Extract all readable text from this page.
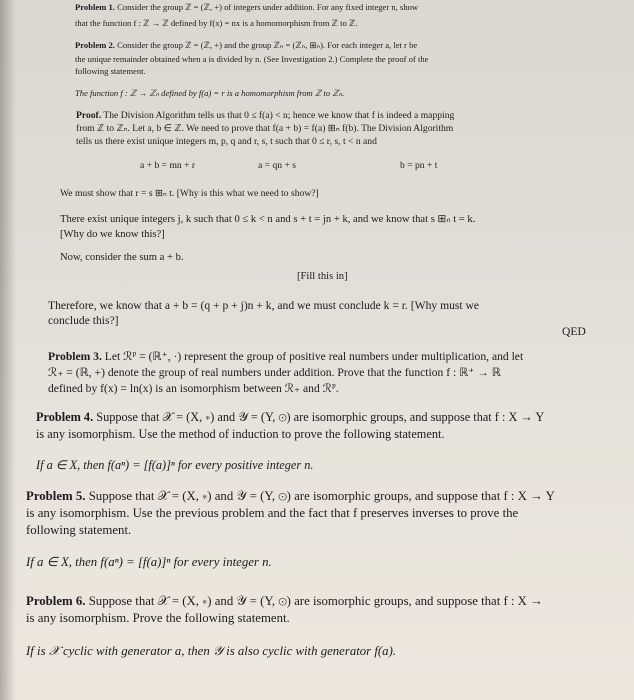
Problem 1. Consider the group ℤ = (ℤ, +) of integers under addition. For any fixed integer n, show
that the function f : ℤ → ℤ defined by f(x) = nx is a homomorphism from ℤ to ℤ.
Problem 2. Consider the group ℤ = (ℤ, +) and the group ℤₙ = (ℤₙ, ⊞ₙ). For each integer a, let r be
the unique remainder obtained when a is divided by n. (See Investigation 2.) Complete the proof of the
following statement.
The function f : ℤ → ℤₙ defined by f(a) = r is a homomorphism from ℤ to ℤₙ.
Proof. The Division Algorithm tells us that 0 ≤ f(a) < n; hence we know that f is indeed a mapping
from ℤ to ℤₙ. Let a, b ∈ ℤ. We need to prove that f(a + b) = f(a) ⊞ₙ f(b). The Division Algorithm
tells us there exist unique integers m, p, q and r, s, t such that 0 ≤ r, s, t < n and
a + b = mn + r	a = qn + s	b = pn + t
We must show that r = s ⊞ₙ t. [Why is this what we need to show?]
There exist unique integers j, k such that 0 ≤ k < n and s + t = jn + k, and we know that s ⊞ₙ t = k.
[Why do we know this?]
Now, consider the sum a + b.
[Fill this in]
Therefore, we know that a + b = (q + p + j)n + k, and we must conclude k = r. [Why must we
conclude this?]
QED
Problem 3. Let ℛᴾ = (ℝ⁺, ·) represent the group of positive real numbers under multiplication, and let
ℛ₊ = (ℝ, +) denote the group of real numbers under addition. Prove that the function f : ℝ⁺ → ℝ
defined by f(x) = ln(x) is an isomorphism between ℛ₊ and ℛᴾ.
Problem 4. Suppose that 𝒳 = (X, ∗) and 𝒴 = (Y, ⊙) are isomorphic groups, and suppose that f : X → Y
is any isomorphism. Use the method of induction to prove the following statement.
If a ∈ X, then f(aⁿ) = [f(a)]ⁿ for every positive integer n.
Problem 5. Suppose that 𝒳 = (X, ∗) and 𝒴 = (Y, ⊙) are isomorphic groups, and suppose that f : X → Y
is any isomorphism. Use the previous problem and the fact that f preserves inverses to prove the
following statement.
If a ∈ X, then f(aⁿ) = [f(a)]ⁿ for every integer n.
Problem 6. Suppose that 𝒳 = (X, ∗) and 𝒴 = (Y, ⊙) are isomorphic groups, and suppose that f : X →
is any isomorphism. Prove the following statement.
If is 𝒳 cyclic with generator a, then 𝒴 is also cyclic with generator f(a).
